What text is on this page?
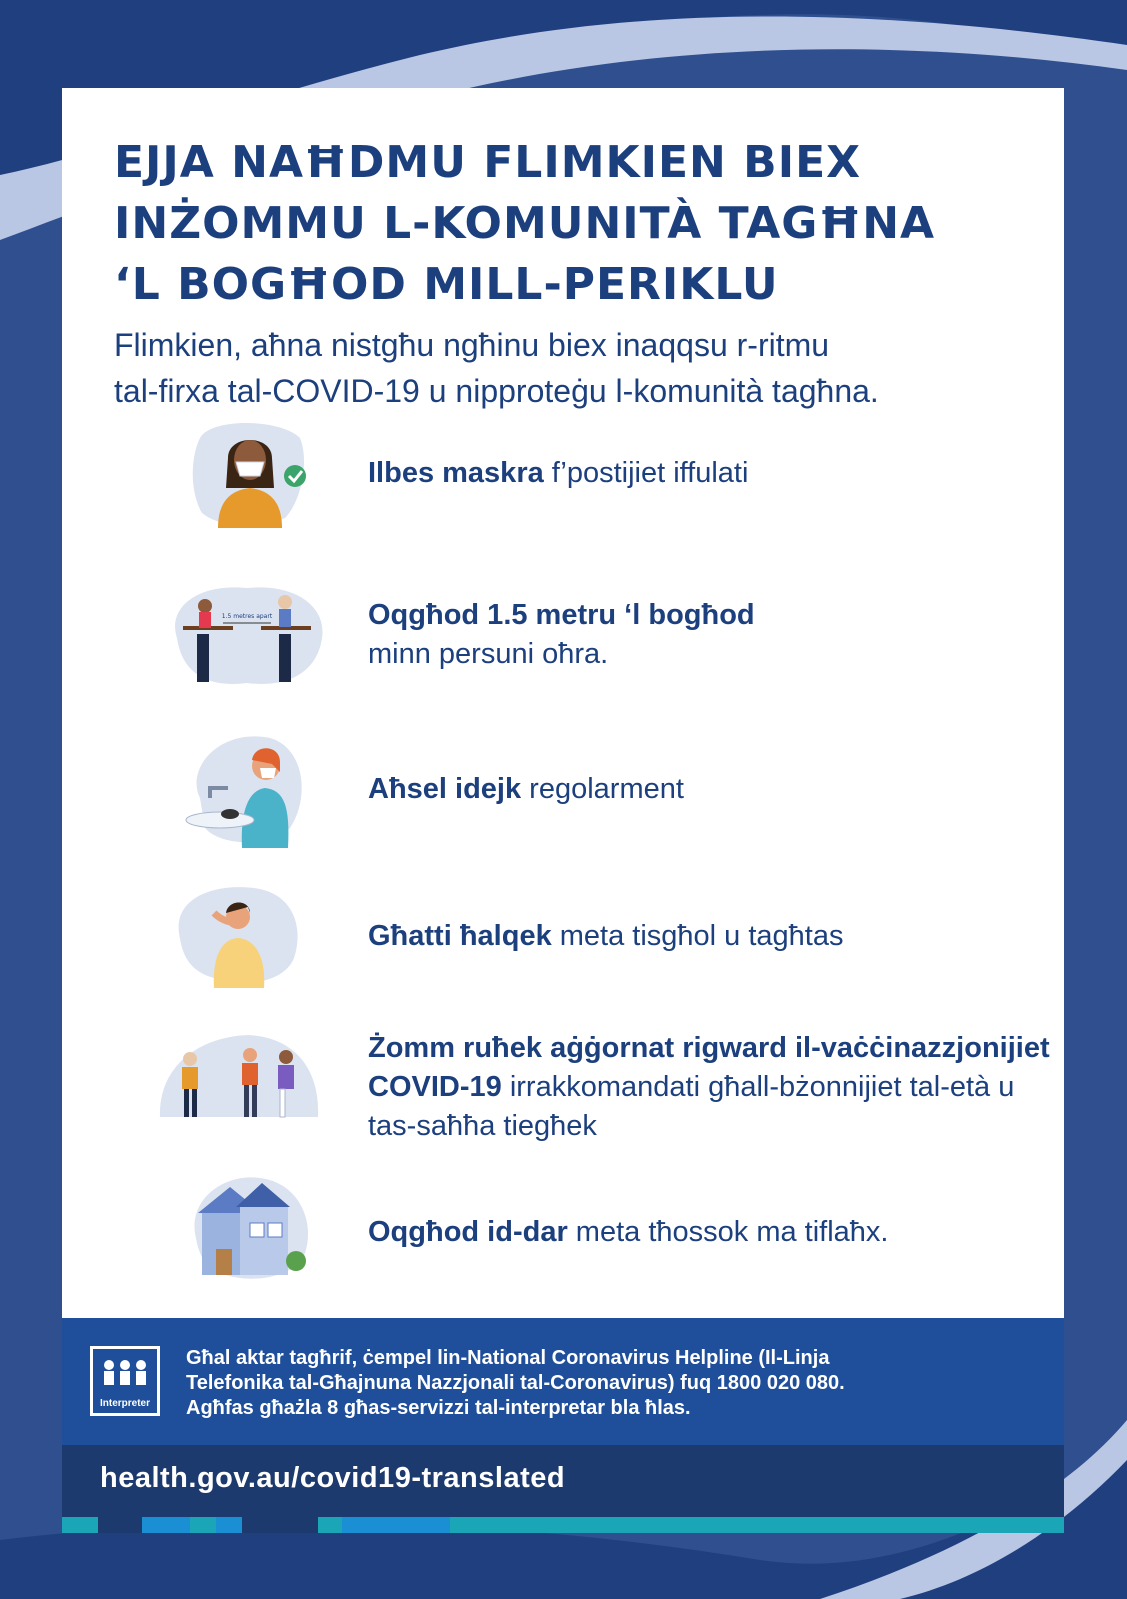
EJJA NAĦDMU FLIMKIEN BIEX
INŻOMMU L-KOMUNITÀ TAGĦNA
‘L BOGĦOD MILL-PERIKLU
Flimkien, aħna nistgħu ngħinu biex inaqqsu r-ritmu
tal-firxa tal-COVID-19 u nipproteġu l-komunità tagħna.
Ilbes maskra f’postijiet iffulati
1.5 metres apart	Oqgħod 1.5 metru ‘l bogħod
minn persuni oħra.
Aħsel idejk regolarment
Għatti ħalqek meta tisgħol u tagħtas
Żomm ruħek aġġornat rigward il-vaċċinazzjonijiet COVID-19 irrakkomandati għall-bżonnijiet tal-età u tas-saħħa tiegħek
Oqgħod id-dar meta tħossok ma tiflaħx.
Interpreter
Għal aktar tagħrif, ċempel lin-National Coronavirus Helpline (Il-Linja
Telefonika tal-Għajnuna Nazzjonali tal-Coronavirus) fuq 1800 020 080.
Agħfas għażla 8 għas-servizzi tal-interpretar bla ħlas.
health.gov.au/covid19-translated
